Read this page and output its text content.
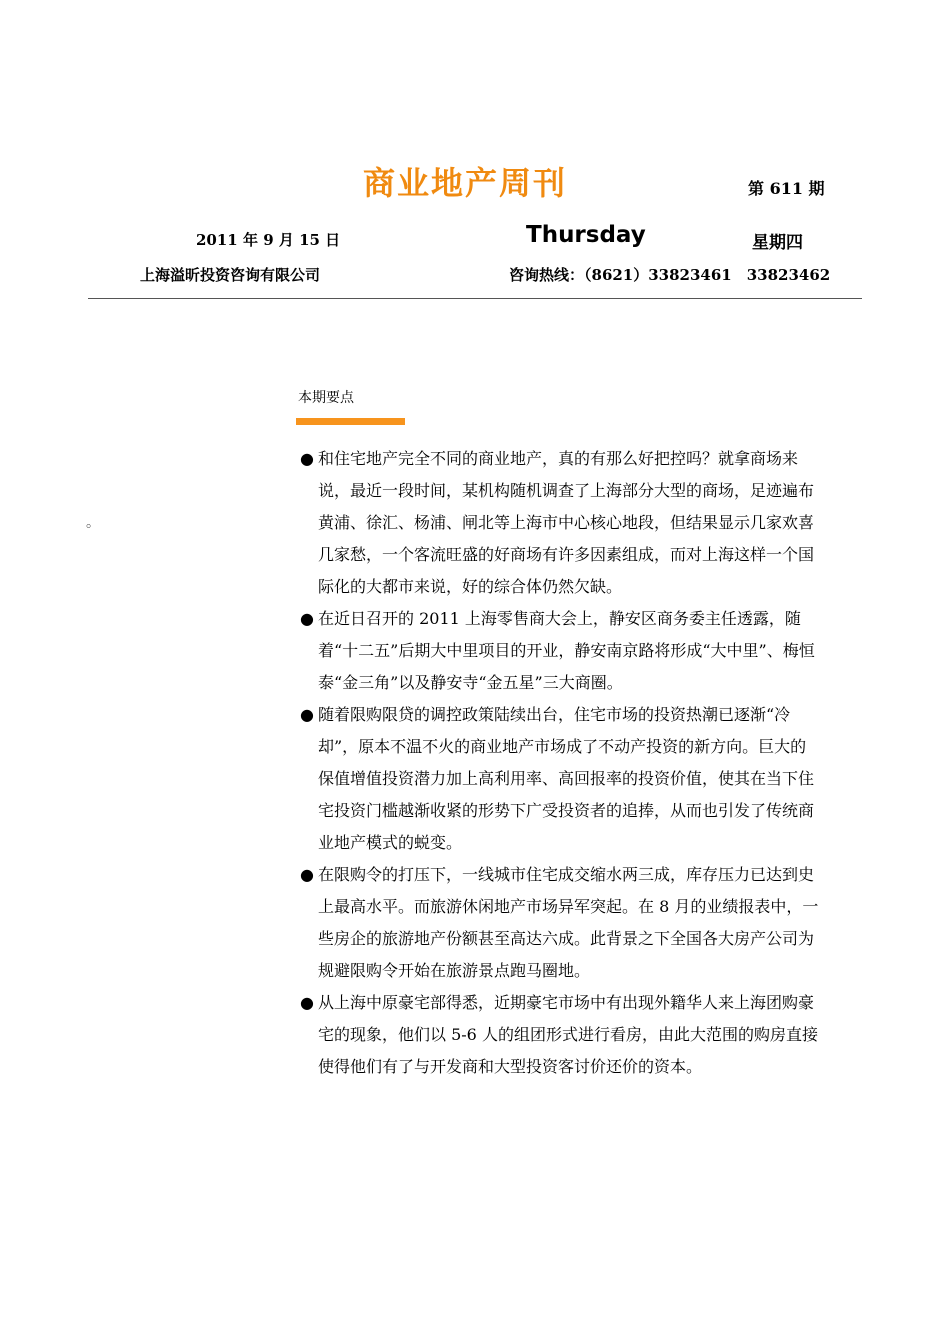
商业地产周刊	第 611 期
2011 年 9 月 15 日	Thursday	星期四
上海溢昕投资咨询有限公司	咨询热线：（8621）33823461　33823462
。
本期要点
● 和住宅地产完全不同的商业地产，真的有那么好把控吗？就拿商场来说，最近一段时间，某机构随机调查了上海部分大型的商场，足迹遍布黄浦、徐汇、杨浦、闸北等上海市中心核心地段，但结果显示几家欢喜几家愁，一个客流旺盛的好商场有许多因素组成，而对上海这样一个国际化的大都市来说，好的综合体仍然欠缺。
● 在近日召开的 2011 上海零售商大会上，静安区商务委主任透露，随着“十二五”后期大中里项目的开业，静安南京路将形成“大中里”、梅恒泰“金三角”以及静安寺“金五星”三大商圈。
● 随着限购限贷的调控政策陆续出台，住宅市场的投资热潮已逐渐“冷却”，原本不温不火的商业地产市场成了不动产投资的新方向。巨大的保值增值投资潜力加上高利用率、高回报率的投资价值，使其在当下住宅投资门槛越渐收紧的形势下广受投资者的追捧，从而也引发了传统商业地产模式的蜕变。
● 在限购令的打压下，一线城市住宅成交缩水两三成，库存压力已达到史上最高水平。而旅游休闲地产市场异军突起。在 8 月的业绩报表中，一些房企的旅游地产份额甚至高达六成。此背景之下全国各大房产公司为规避限购令开始在旅游景点跑马圈地。
● 从上海中原豪宅部得悉，近期豪宅市场中有出现外籍华人来上海团购豪宅的现象，他们以 5-6 人的组团形式进行看房，由此大范围的购房直接使得他们有了与开发商和大型投资客讨价还价的资本。
